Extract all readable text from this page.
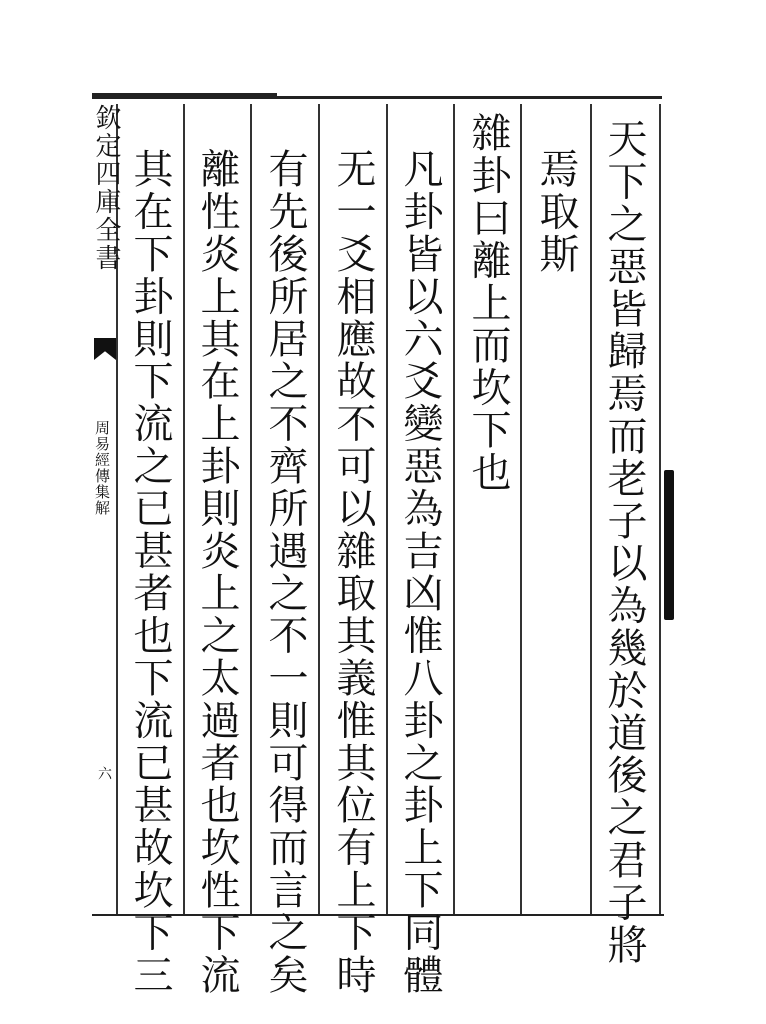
欽定四庫全書
周易經傳集解
六	天下之惡皆歸焉而老子以為幾於道後之君子將
焉取斯
雜卦曰離上而坎下也
凡卦皆以六爻變惡為吉凶惟八卦之卦上下同體
无一爻相應故不可以雜取其義惟其位有上下時
有先後所居之不齊所遇之不一則可得而言之矣
離性炎上其在上卦則炎上之太過者也坎性下流
其在下卦則下流之已甚者也下流已甚故坎下三
